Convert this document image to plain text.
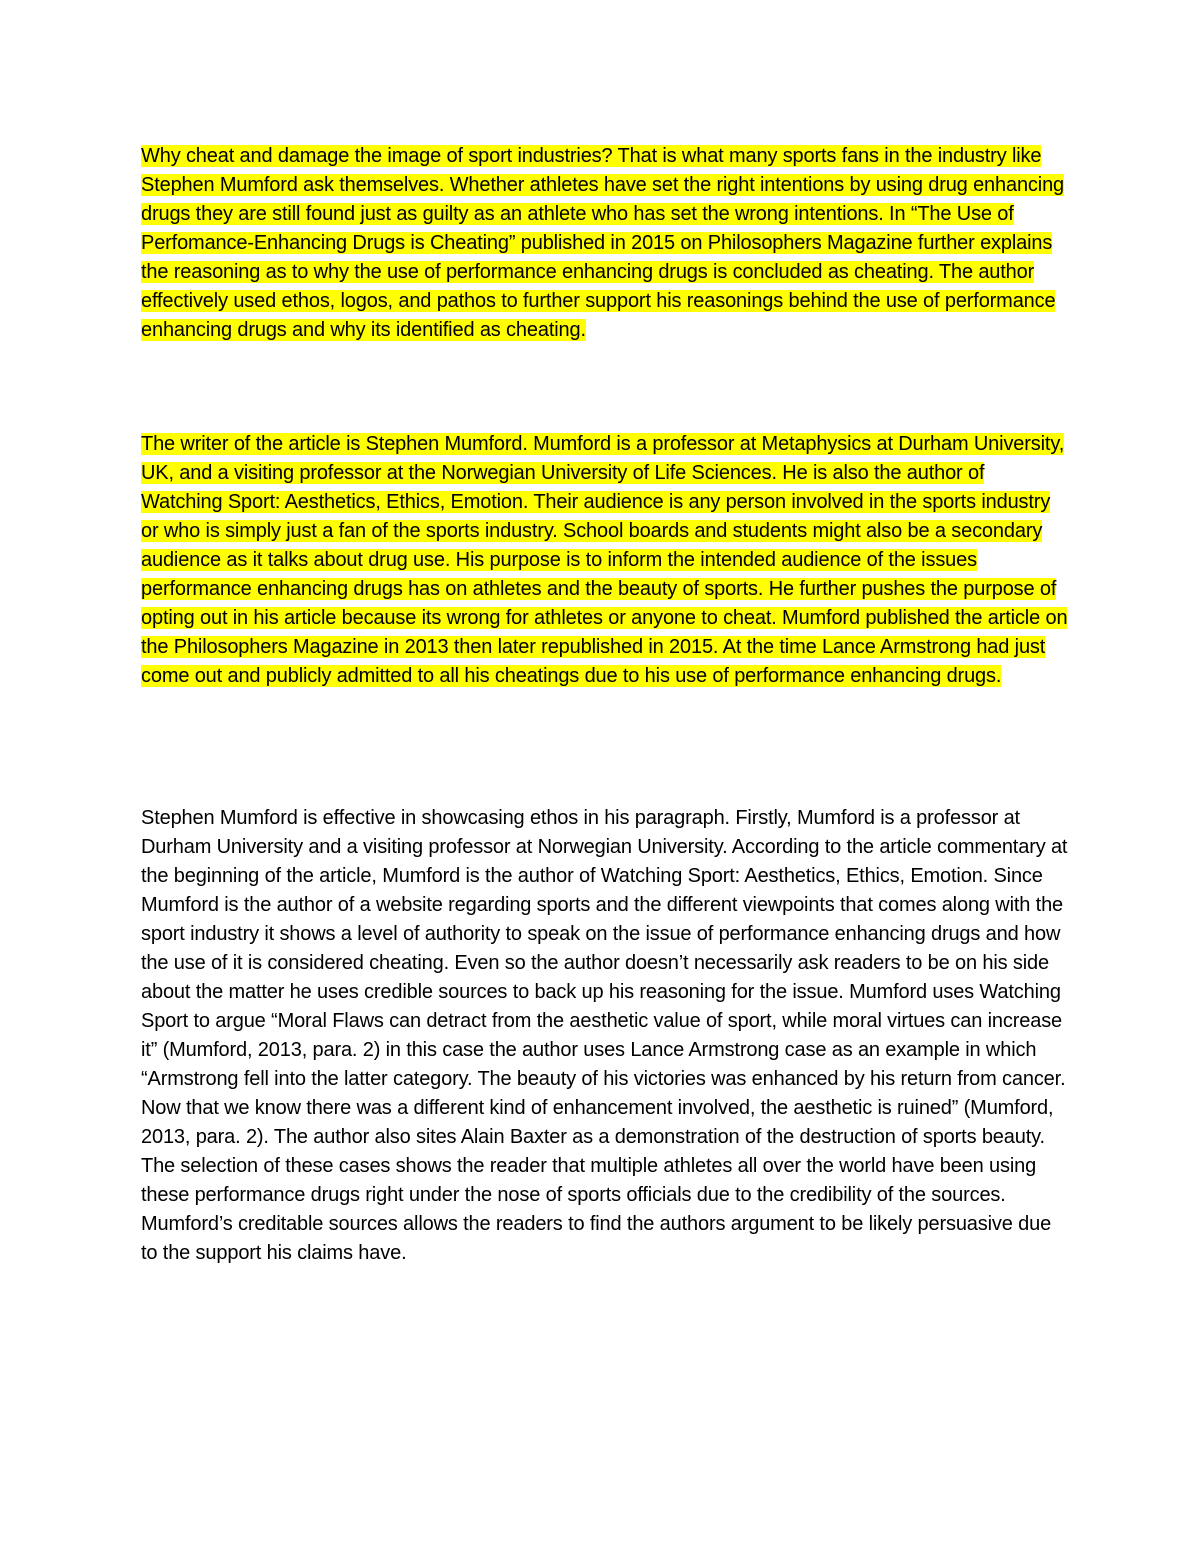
Why cheat and damage the image of sport industries? That is what many sports fans in the industry like Stephen Mumford ask themselves. Whether athletes have set the right intentions by using drug enhancing drugs they are still found just as guilty as an athlete who has set the wrong intentions. In “The Use of Perfomance-Enhancing Drugs is Cheating” published in 2015 on Philosophers Magazine further explains the reasoning as to why the use of performance enhancing drugs is concluded as cheating. The author effectively used ethos, logos, and pathos to further support his reasonings behind the use of performance enhancing drugs and why its identified as cheating.

The writer of the article is Stephen Mumford. Mumford is a professor at Metaphysics at Durham University, UK, and a visiting professor at the Norwegian University of Life Sciences. He is also the author of Watching Sport: Aesthetics, Ethics, Emotion. Their audience is any person involved in the sports industry or who is simply just a fan of the sports industry. School boards and students might also be a secondary audience as it talks about drug use. His purpose is to inform the intended audience of the issues performance enhancing drugs has on athletes and the beauty of sports. He further pushes the purpose of opting out in his article because its wrong for athletes or anyone to cheat. Mumford published the article on the Philosophers Magazine in 2013 then later republished in 2015. At the time Lance Armstrong had just come out and publicly admitted to all his cheatings due to his use of performance enhancing drugs.

Stephen Mumford is effective in showcasing ethos in his paragraph. Firstly, Mumford is a professor at Durham University and a visiting professor at Norwegian University. According to the article commentary at the beginning of the article, Mumford is the author of Watching Sport: Aesthetics, Ethics, Emotion. Since Mumford is the author of a website regarding sports and the different viewpoints that comes along with the sport industry it shows a level of authority to speak on the issue of performance enhancing drugs and how the use of it is considered cheating. Even so the author doesn’t necessarily ask readers to be on his side about the matter he uses credible sources to back up his reasoning for the issue. Mumford uses Watching Sport to argue “Moral Flaws can detract from the aesthetic value of sport, while moral virtues can increase it” (Mumford, 2013, para. 2) in this case the author uses Lance Armstrong case as an example in which “Armstrong fell into the latter category. The beauty of his victories was enhanced by his return from cancer. Now that we know there was a different kind of enhancement involved, the aesthetic is ruined” (Mumford, 2013, para. 2). The author also sites Alain Baxter as a demonstration of the destruction of sports beauty. The selection of these cases shows the reader that multiple athletes all over the world have been using these performance drugs right under the nose of sports officials due to the credibility of the sources. Mumford’s creditable sources allows the readers to find the authors argument to be likely persuasive due to the support his claims have.
